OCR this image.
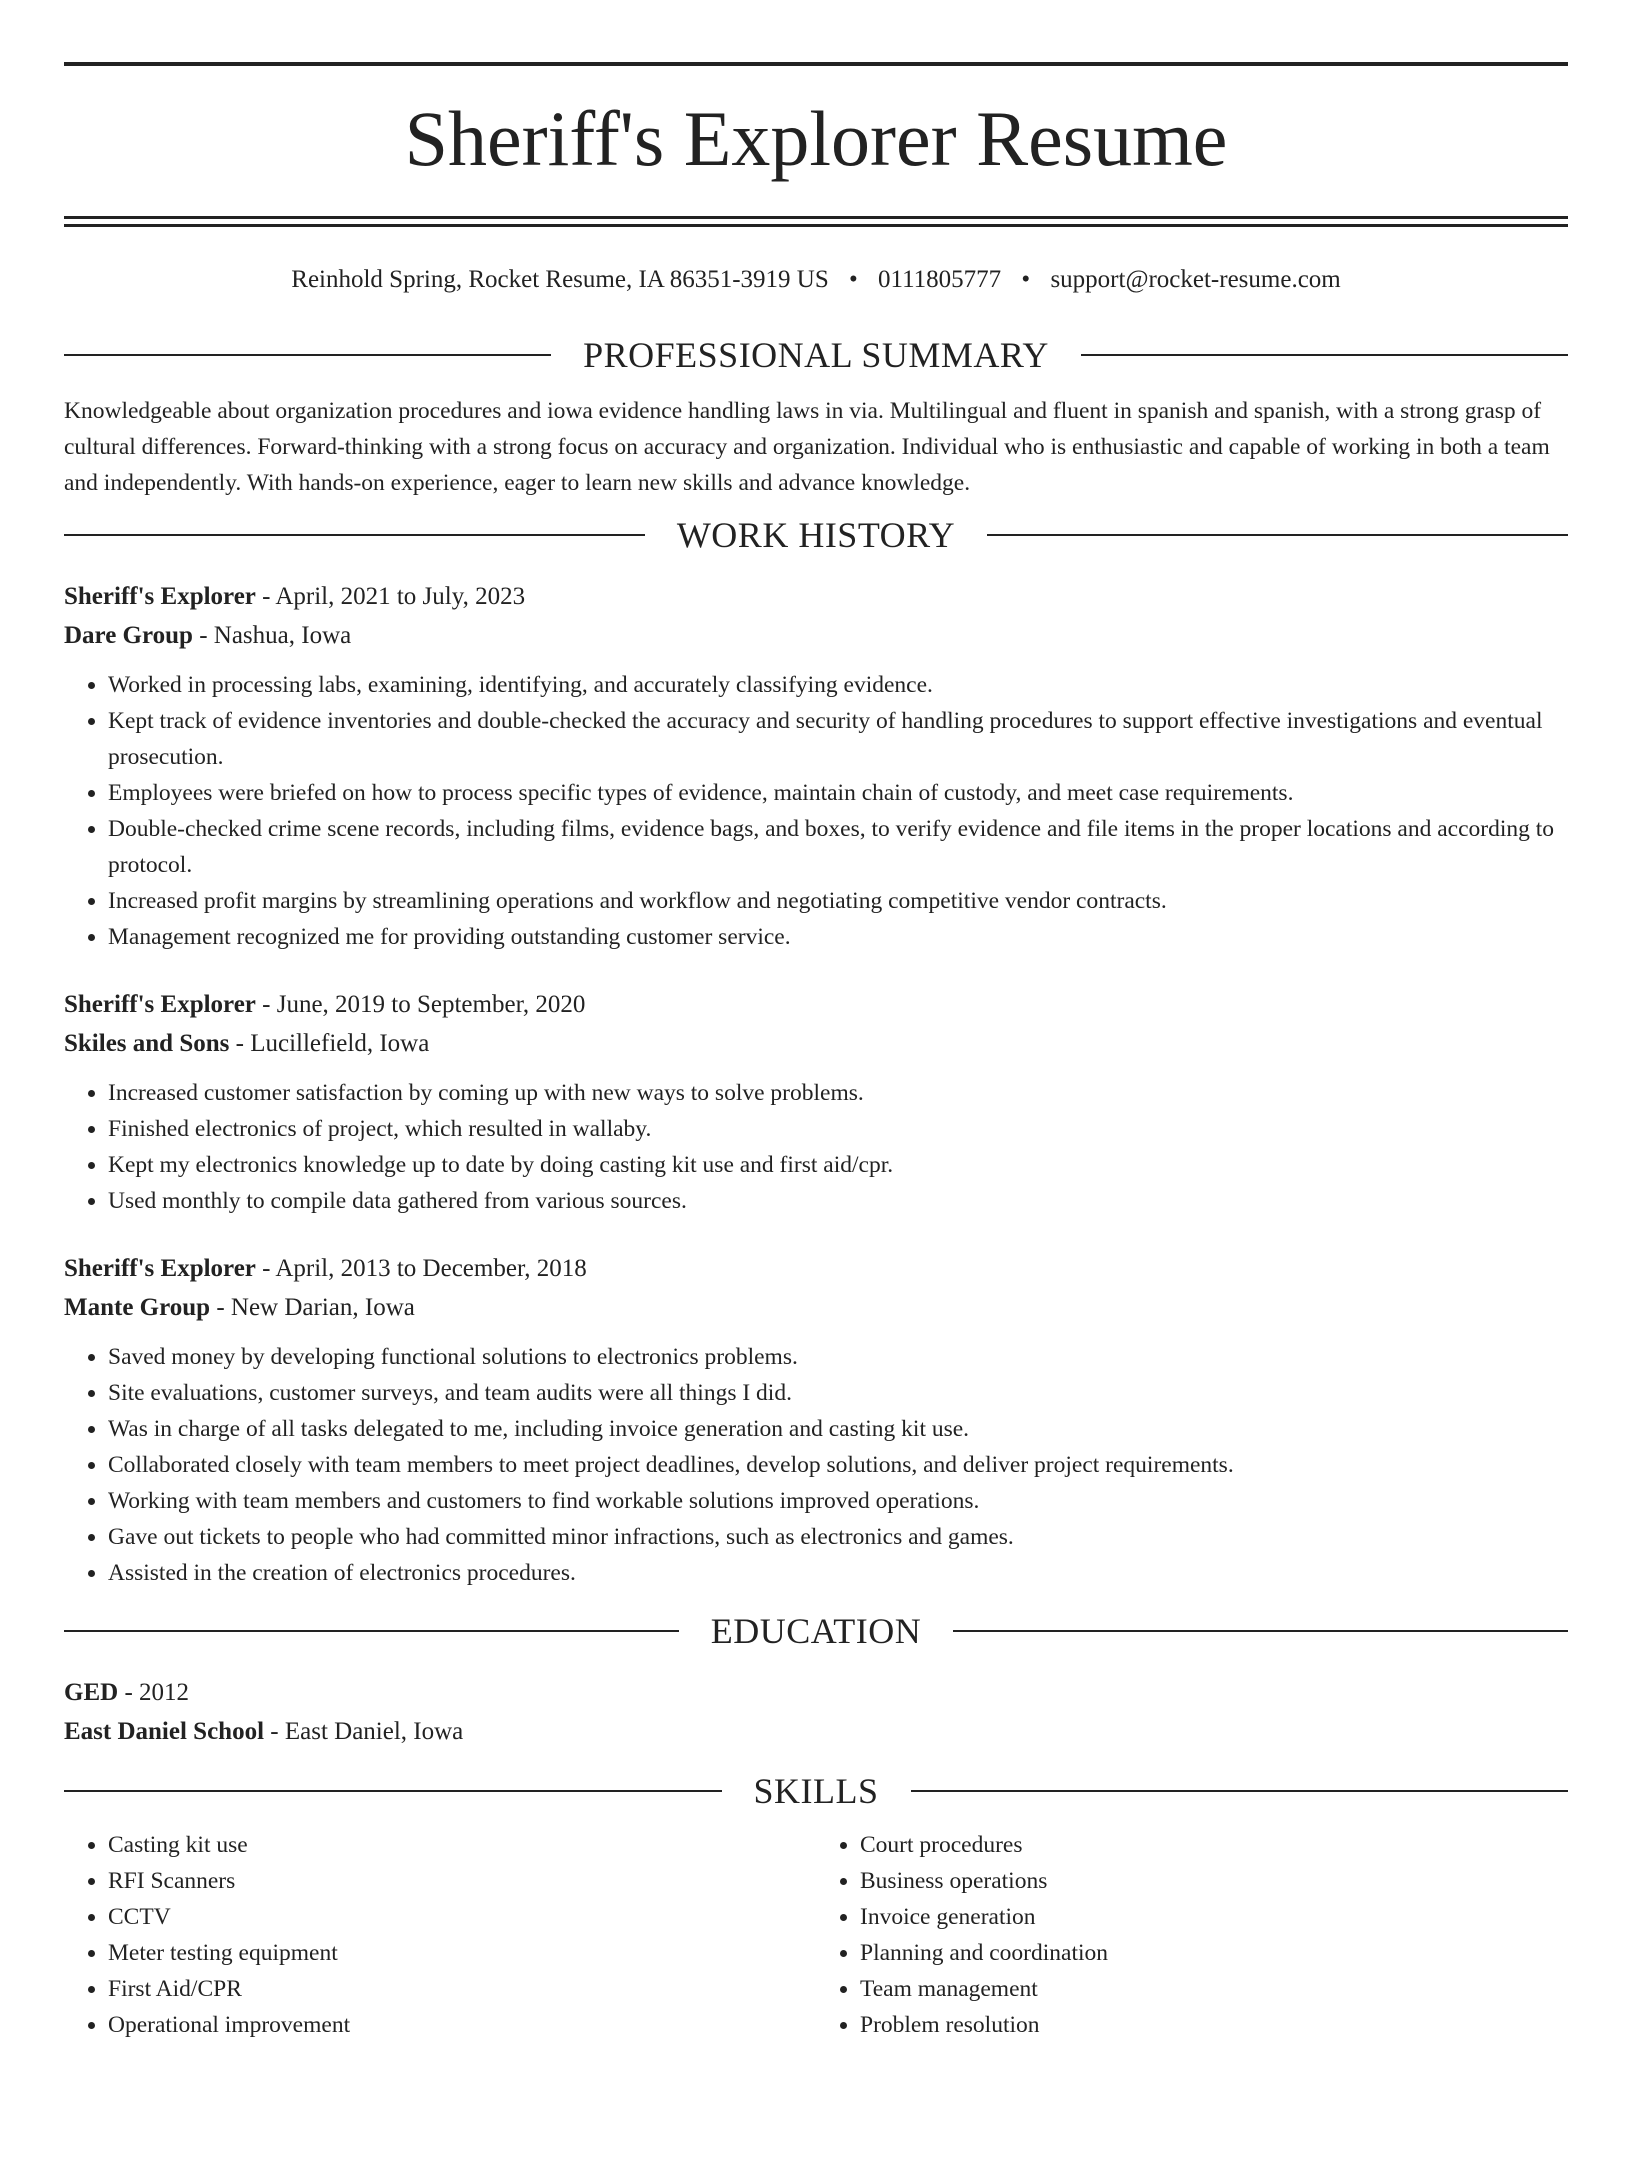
Sheriff's Explorer Resume
Reinhold Spring, Rocket Resume, IA 86351-3919 US • 0111805777 • support@rocket-resume.com
PROFESSIONAL SUMMARY

Knowledgeable about organization procedures and iowa evidence handling laws in via. Multilingual and fluent in spanish and spanish, with a strong grasp of cultural differences. Forward-thinking with a strong focus on accuracy and organization. Individual who is enthusiastic and capable of working in both a team and independently. With hands-on experience, eager to learn new skills and advance knowledge.

WORK HISTORY

Sheriff's Explorer - April, 2021 to July, 2023

Dare Group - Nashua, Iowa

• Worked in processing labs, examining, identifying, and accurately classifying evidence.
• Kept track of evidence inventories and double-checked the accuracy and security of handling procedures to support effective investigations and eventual prosecution.
• Employees were briefed on how to process specific types of evidence, maintain chain of custody, and meet case requirements.
• Double-checked crime scene records, including films, evidence bags, and boxes, to verify evidence and file items in the proper locations and according to protocol.
• Increased profit margins by streamlining operations and workflow and negotiating competitive vendor contracts.
• Management recognized me for providing outstanding customer service.

Sheriff's Explorer - June, 2019 to September, 2020

Skiles and Sons - Lucillefield, Iowa

• Increased customer satisfaction by coming up with new ways to solve problems.
• Finished electronics of project, which resulted in wallaby.
• Kept my electronics knowledge up to date by doing casting kit use and first aid/cpr.
• Used monthly to compile data gathered from various sources.

Sheriff's Explorer - April, 2013 to December, 2018

Mante Group - New Darian, Iowa

• Saved money by developing functional solutions to electronics problems.
• Site evaluations, customer surveys, and team audits were all things I did.
• Was in charge of all tasks delegated to me, including invoice generation and casting kit use.
• Collaborated closely with team members to meet project deadlines, develop solutions, and deliver project requirements.
• Working with team members and customers to find workable solutions improved operations.
• Gave out tickets to people who had committed minor infractions, such as electronics and games.
• Assisted in the creation of electronics procedures.
EDUCATION

GED - 2012

East Daniel School - East Daniel, Iowa

SKILLS
• Casting kit use
• RFI Scanners
• CCTV
• Meter testing equipment
• First Aid/CPR
• Operational improvement
• Court procedures
• Business operations
• Invoice generation
• Planning and coordination
• Team management
• Problem resolution
